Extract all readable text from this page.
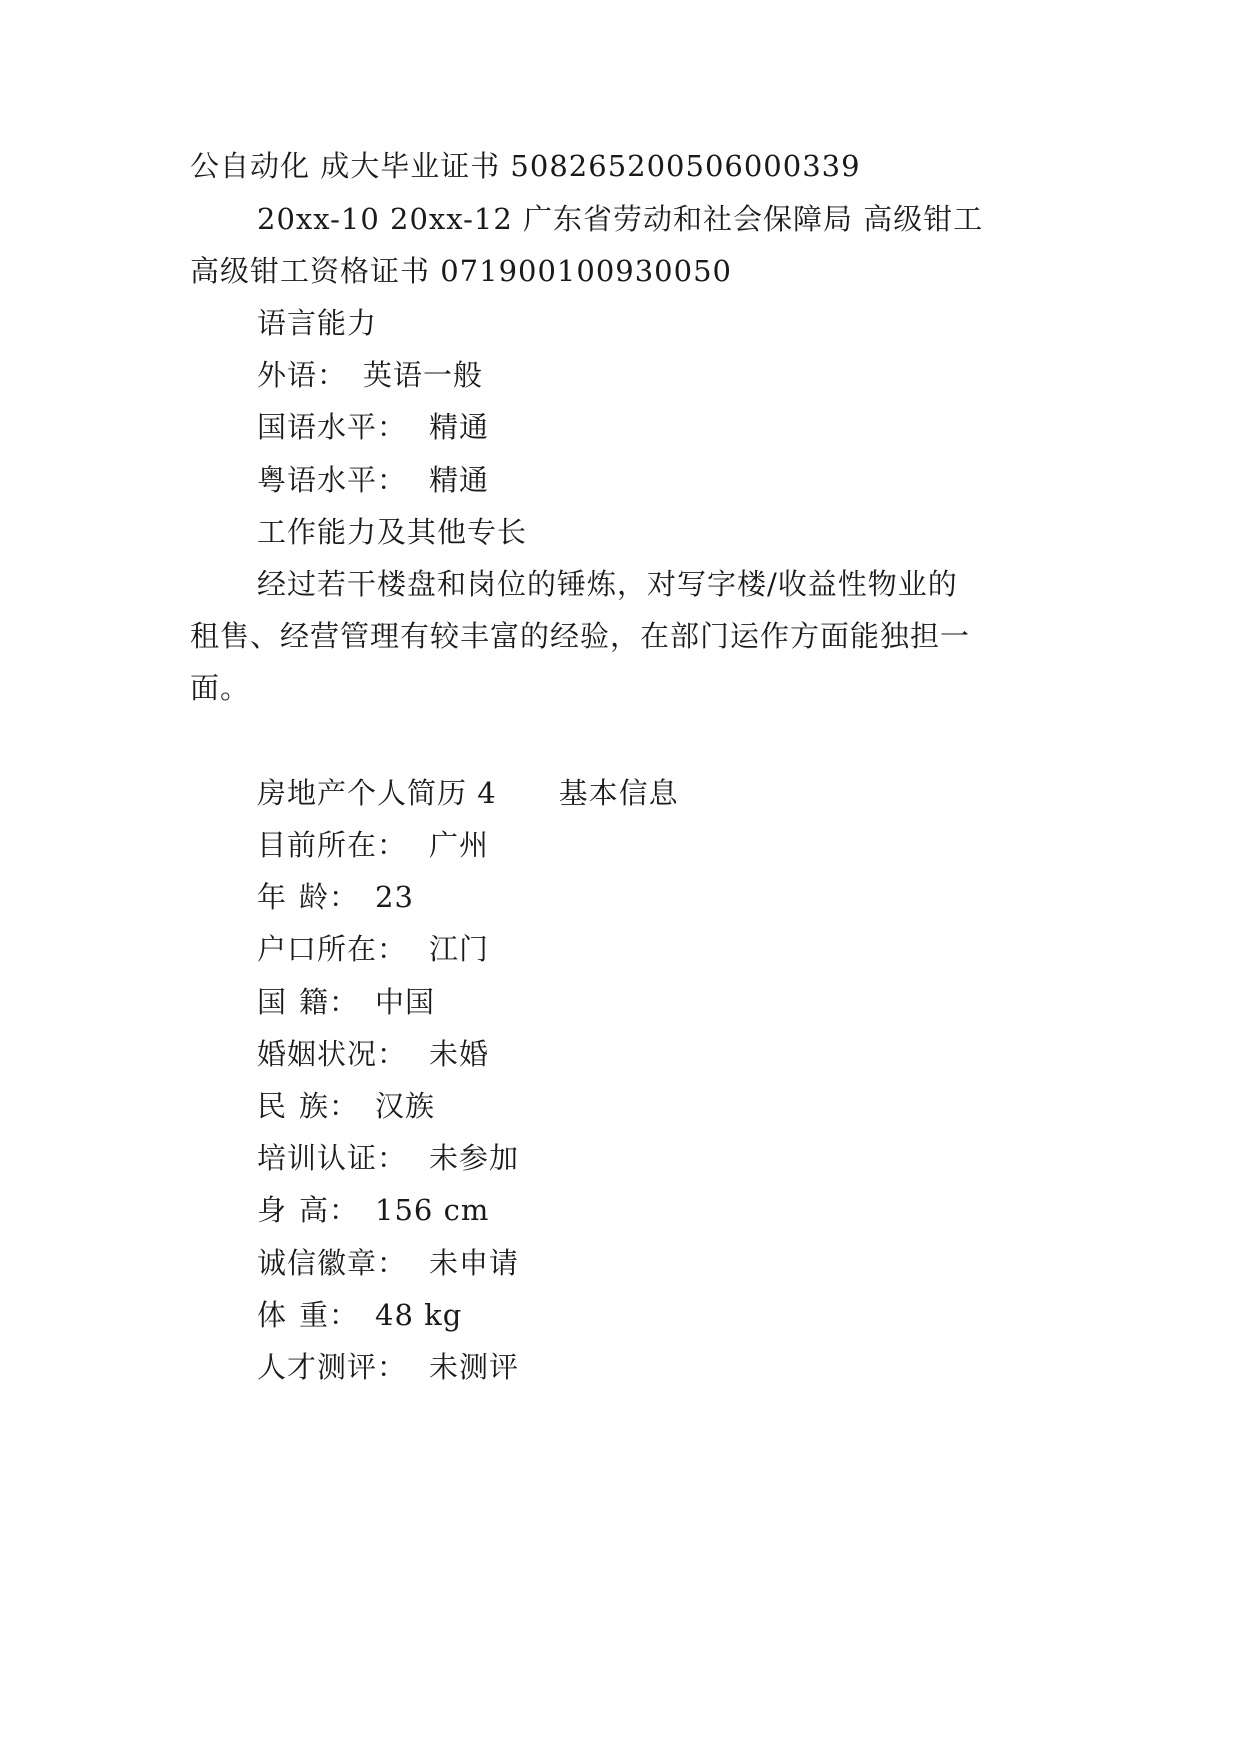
公自动化 成大毕业证书 508265200506000339
20xx-10 20xx-12 广东省劳动和社会保障局 高级钳工
高级钳工资格证书 071900100930050
语言能力
外语： 英语一般
国语水平： 精通
粤语水平： 精通
工作能力及其他专长
经过若干楼盘和岗位的锤炼，对写字楼/收益性物业的
租售、经营管理有较丰富的经验，在部门运作方面能独担一
面。
房地产个人简历 4 基本信息
目前所在： 广州
年 龄： 23
户口所在： 江门
国 籍： 中国
婚姻状况： 未婚
民 族： 汉族
培训认证： 未参加
身 高： 156 cm
诚信徽章： 未申请
体 重： 48 kg
人才测评： 未测评
